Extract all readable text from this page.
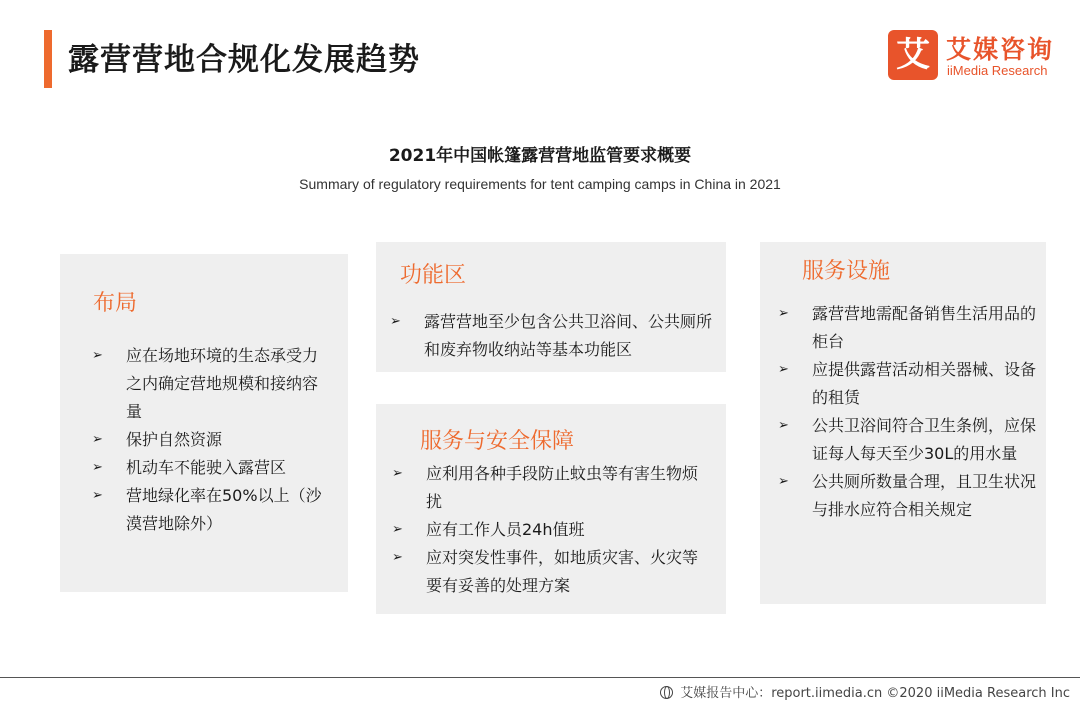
露营营地合规化发展趋势	艾 艾媒咨询
iiMedia Research
2021年中国帐篷露营营地监管要求概要
Summary of regulatory requirements for tent camping camps in China in 2021
布局
➢ 应在场地环境的生态承受力之内确定营地规模和接纳容量
➢ 保护自然资源
➢ 机动车不能驶入露营区
➢ 营地绿化率在50%以上（沙漠营地除外）
功能区
➢ 露营营地至少包含公共卫浴间、公共厕所和废弃物收纳站等基本功能区
服务与安全保障
➢ 应利用各种手段防止蚊虫等有害生物烦扰
➢ 应有工作人员24h值班
➢ 应对突发性事件，如地质灾害、火灾等要有妥善的处理方案
服务设施
➢ 露营营地需配备销售生活用品的柜台
➢ 应提供露营活动相关器械、设备的租赁
➢ 公共卫浴间符合卫生条例，应保证每人每天至少30L的用水量
➢ 公共厕所数量合理，且卫生状况与排水应符合相关规定
艾媒报告中心：report.iimedia.cn ©2020 iiMedia Research Inc
